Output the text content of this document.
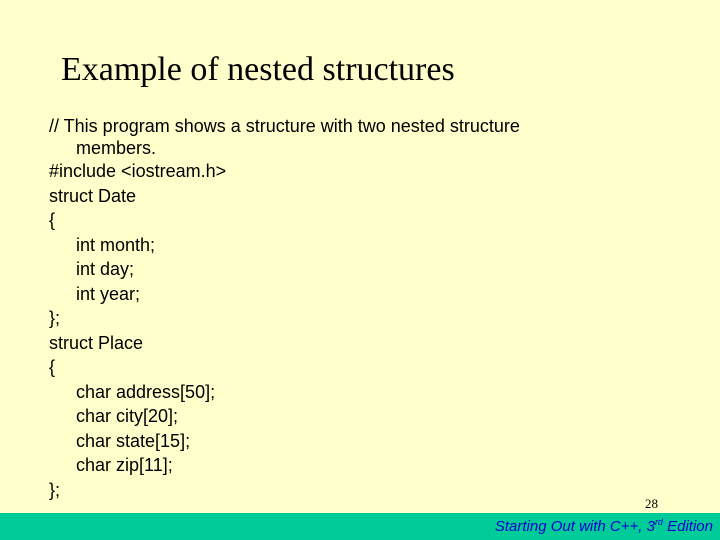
Example of nested structures
// This program shows a structure with two nested structure
members.
#include <iostream.h>
struct Date
{
int month;
int day;
int year;
};
struct Place
{
char address[50];
char city[20];
char state[15];
char zip[11];
};
28
Starting Out with C++, 3rd Edition
